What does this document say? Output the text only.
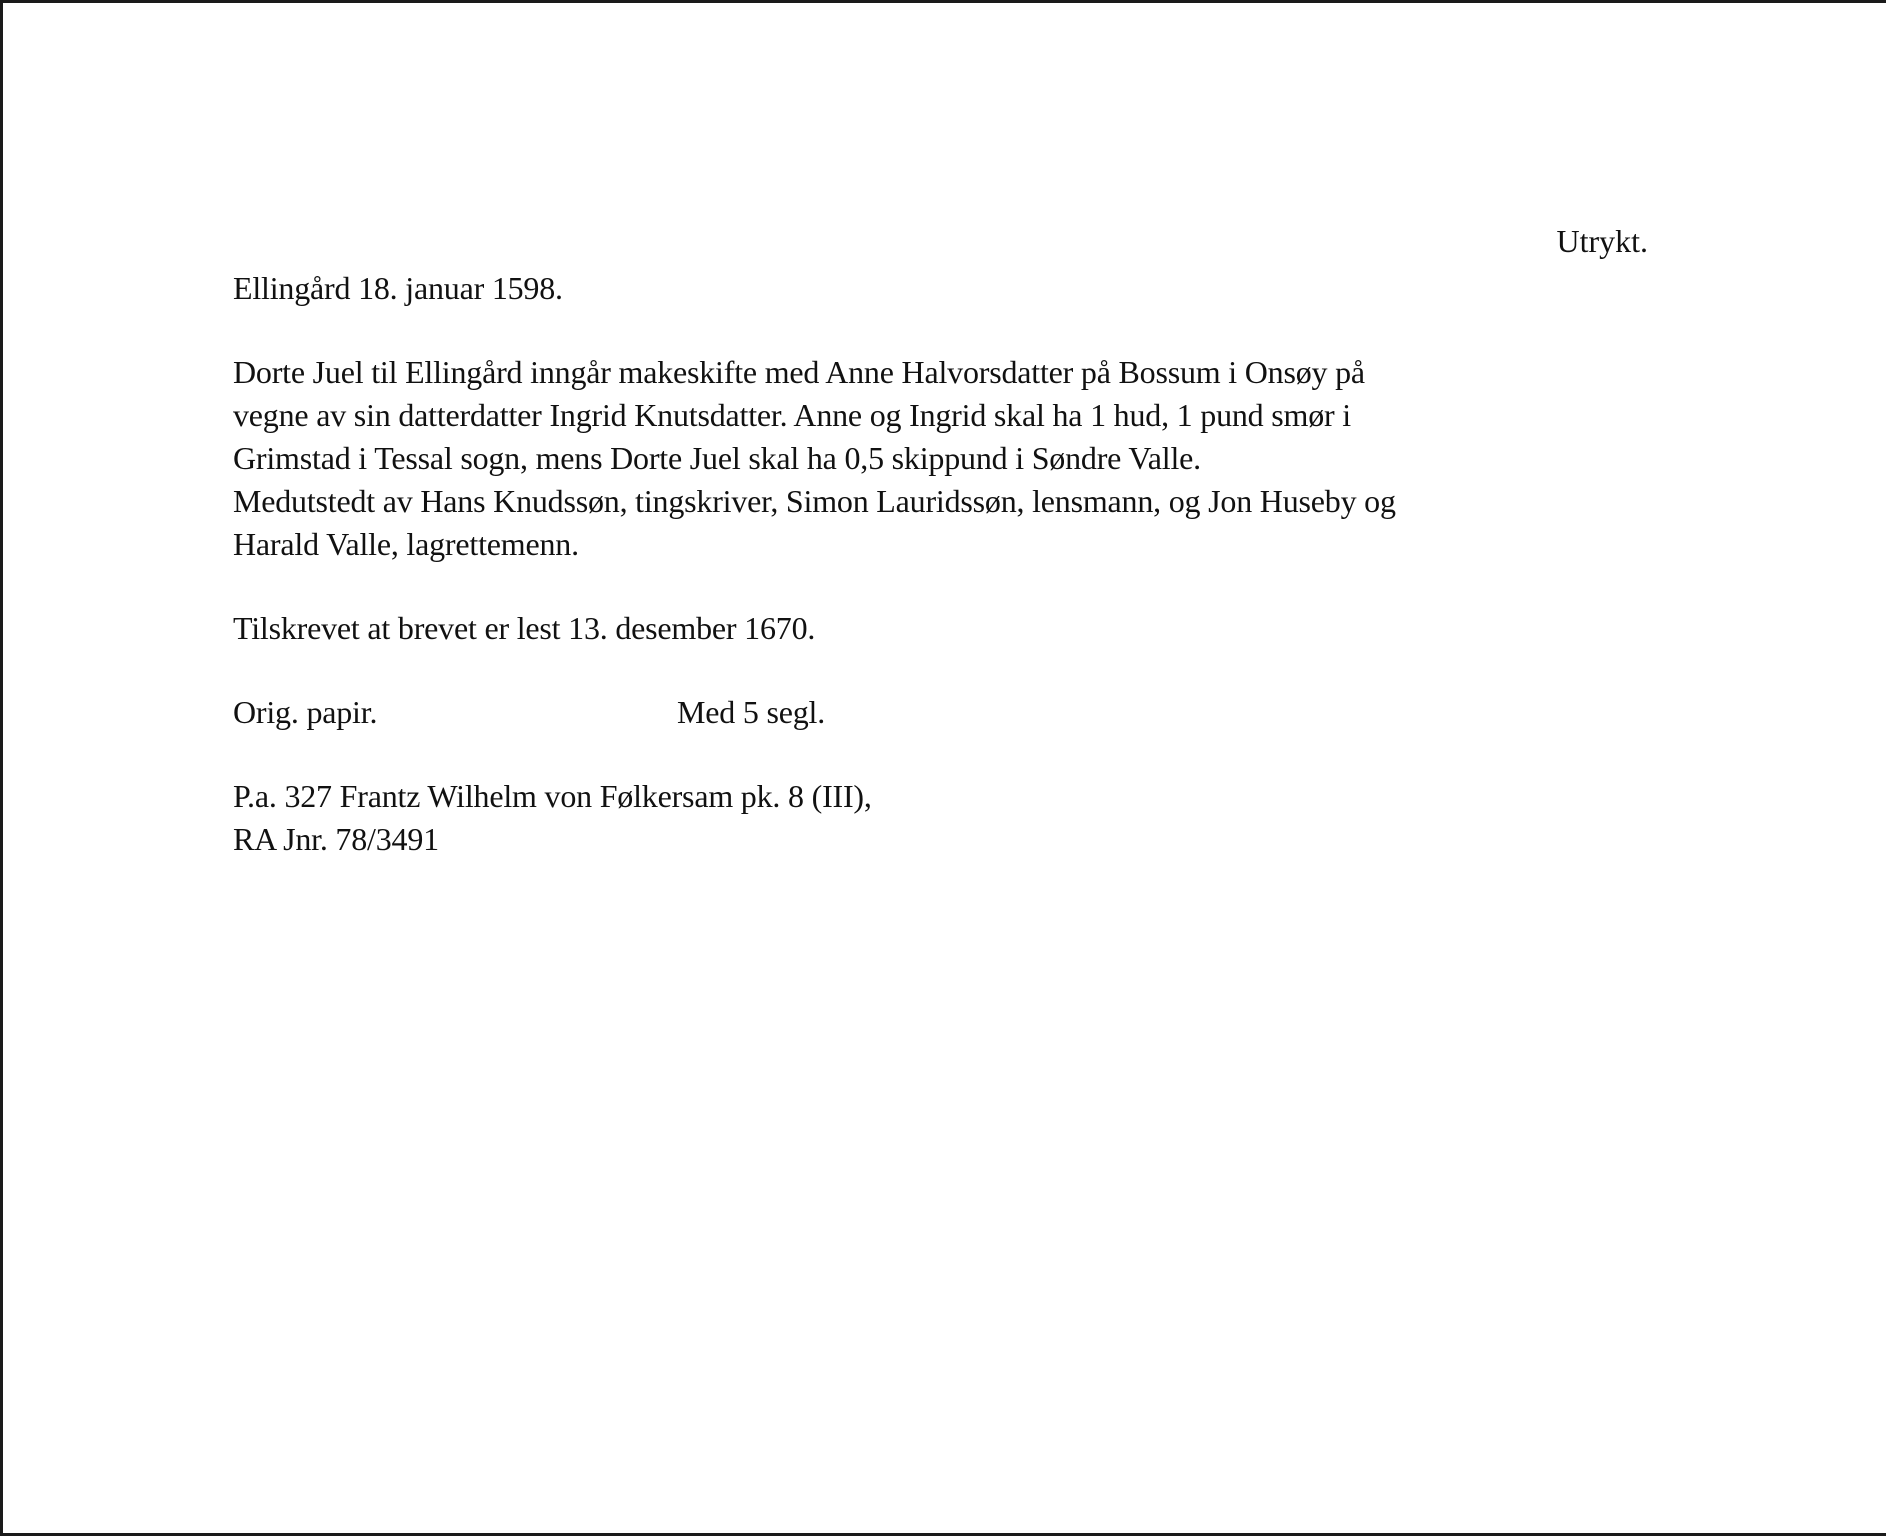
Utrykt.

Ellingård 18. januar 1598.

Dorte Juel til Ellingård inngår makeskifte med Anne Halvorsdatter på Bossum i Onsøy på
vegne av sin datterdatter Ingrid Knutsdatter. Anne og Ingrid skal ha 1 hud, 1 pund smør i
Grimstad i Tessal sogn, mens Dorte Juel skal ha 0,5 skippund i Søndre Valle.

Medutstedt av Hans Knudssøn, tingskriver, Simon Lauridssøn, lensmann, og Jon Huseby og
Harald Valle, lagrettemenn.

Tilskrevet at brevet er lest 13. desember 1670.

Orig. papir.	Med 5 segl.

P.a. 327 Frantz Wilhelm von Følkersam pk. 8 (III),
RA Jnr. 78/3491
